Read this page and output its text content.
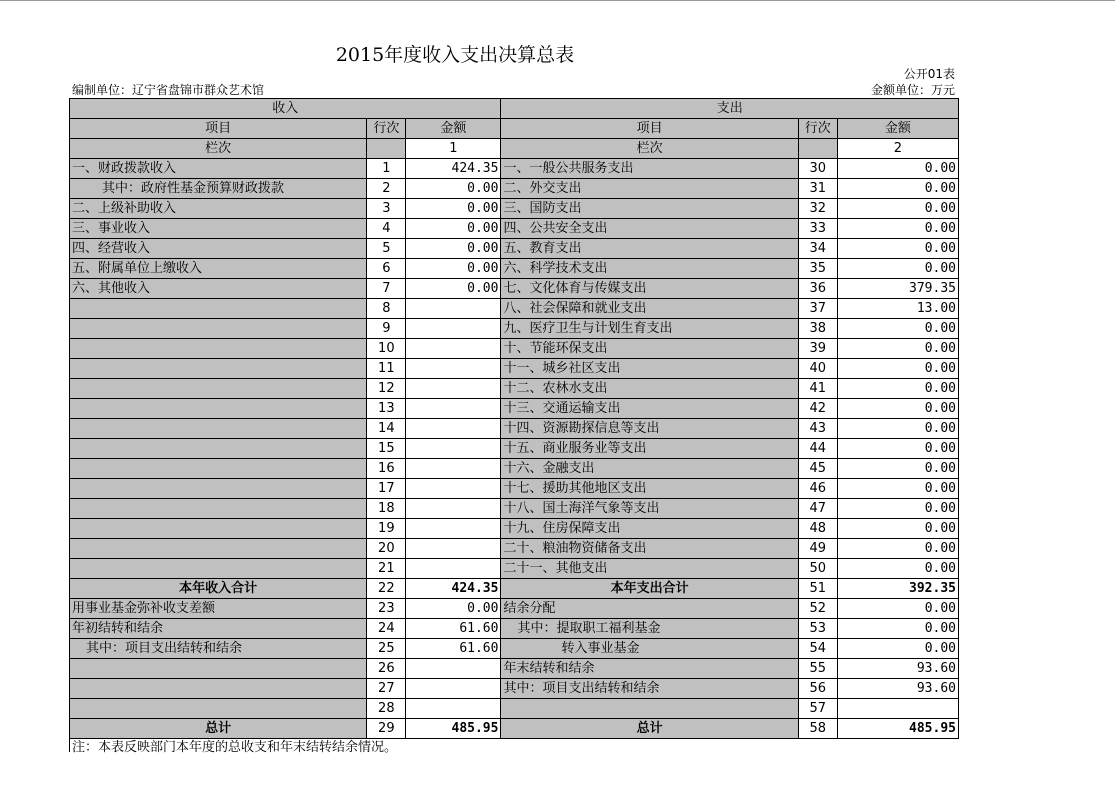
2015年度收入支出决算总表
公开01表
编制单位：辽宁省盘锦市群众艺术馆	金额单位：万元
收入			支出		
项目	行次	金额	项目	行次	金额
栏次		1	栏次		2
一、财政拨款收入	1	424.35	一、一般公共服务支出	30	0.00
其中：政府性基金预算财政拨款	2	0.00	二、外交支出	31	0.00
二、上级补助收入	3	0.00	三、国防支出	32	0.00
三、事业收入	4	0.00	四、公共安全支出	33	0.00
四、经营收入	5	0.00	五、教育支出	34	0.00
五、附属单位上缴收入	6	0.00	六、科学技术支出	35	0.00
六、其他收入	7	0.00	七、文化体育与传媒支出	36	379.35
	8		八、社会保障和就业支出	37	13.00
	9		九、医疗卫生与计划生育支出	38	0.00
	10		十、节能环保支出	39	0.00
	11		十一、城乡社区支出	40	0.00
	12		十二、农林水支出	41	0.00
	13		十三、交通运输支出	42	0.00
	14		十四、资源勘探信息等支出	43	0.00
	15		十五、商业服务业等支出	44	0.00
	16		十六、金融支出	45	0.00
	17		十七、援助其他地区支出	46	0.00
	18		十八、国土海洋气象等支出	47	0.00
	19		十九、住房保障支出	48	0.00
	20		二十、粮油物资储备支出	49	0.00
	21		二十一、其他支出	50	0.00
本年收入合计	22	424.35	本年支出合计	51	392.35
用事业基金弥补收支差额	23	0.00	结余分配	52	0.00
年初结转和结余	24	61.60	其中：提取职工福利基金	53	0.00
其中：项目支出结转和结余	25	61.60	转入事业基金	54	0.00
	26		年末结转和结余	55	93.60
	27		其中：项目支出结转和结余	56	93.60
	28			57	
总计	29	485.95	总计	58	485.95
注：本表反映部门本年度的总收支和年末结转结余情况。
